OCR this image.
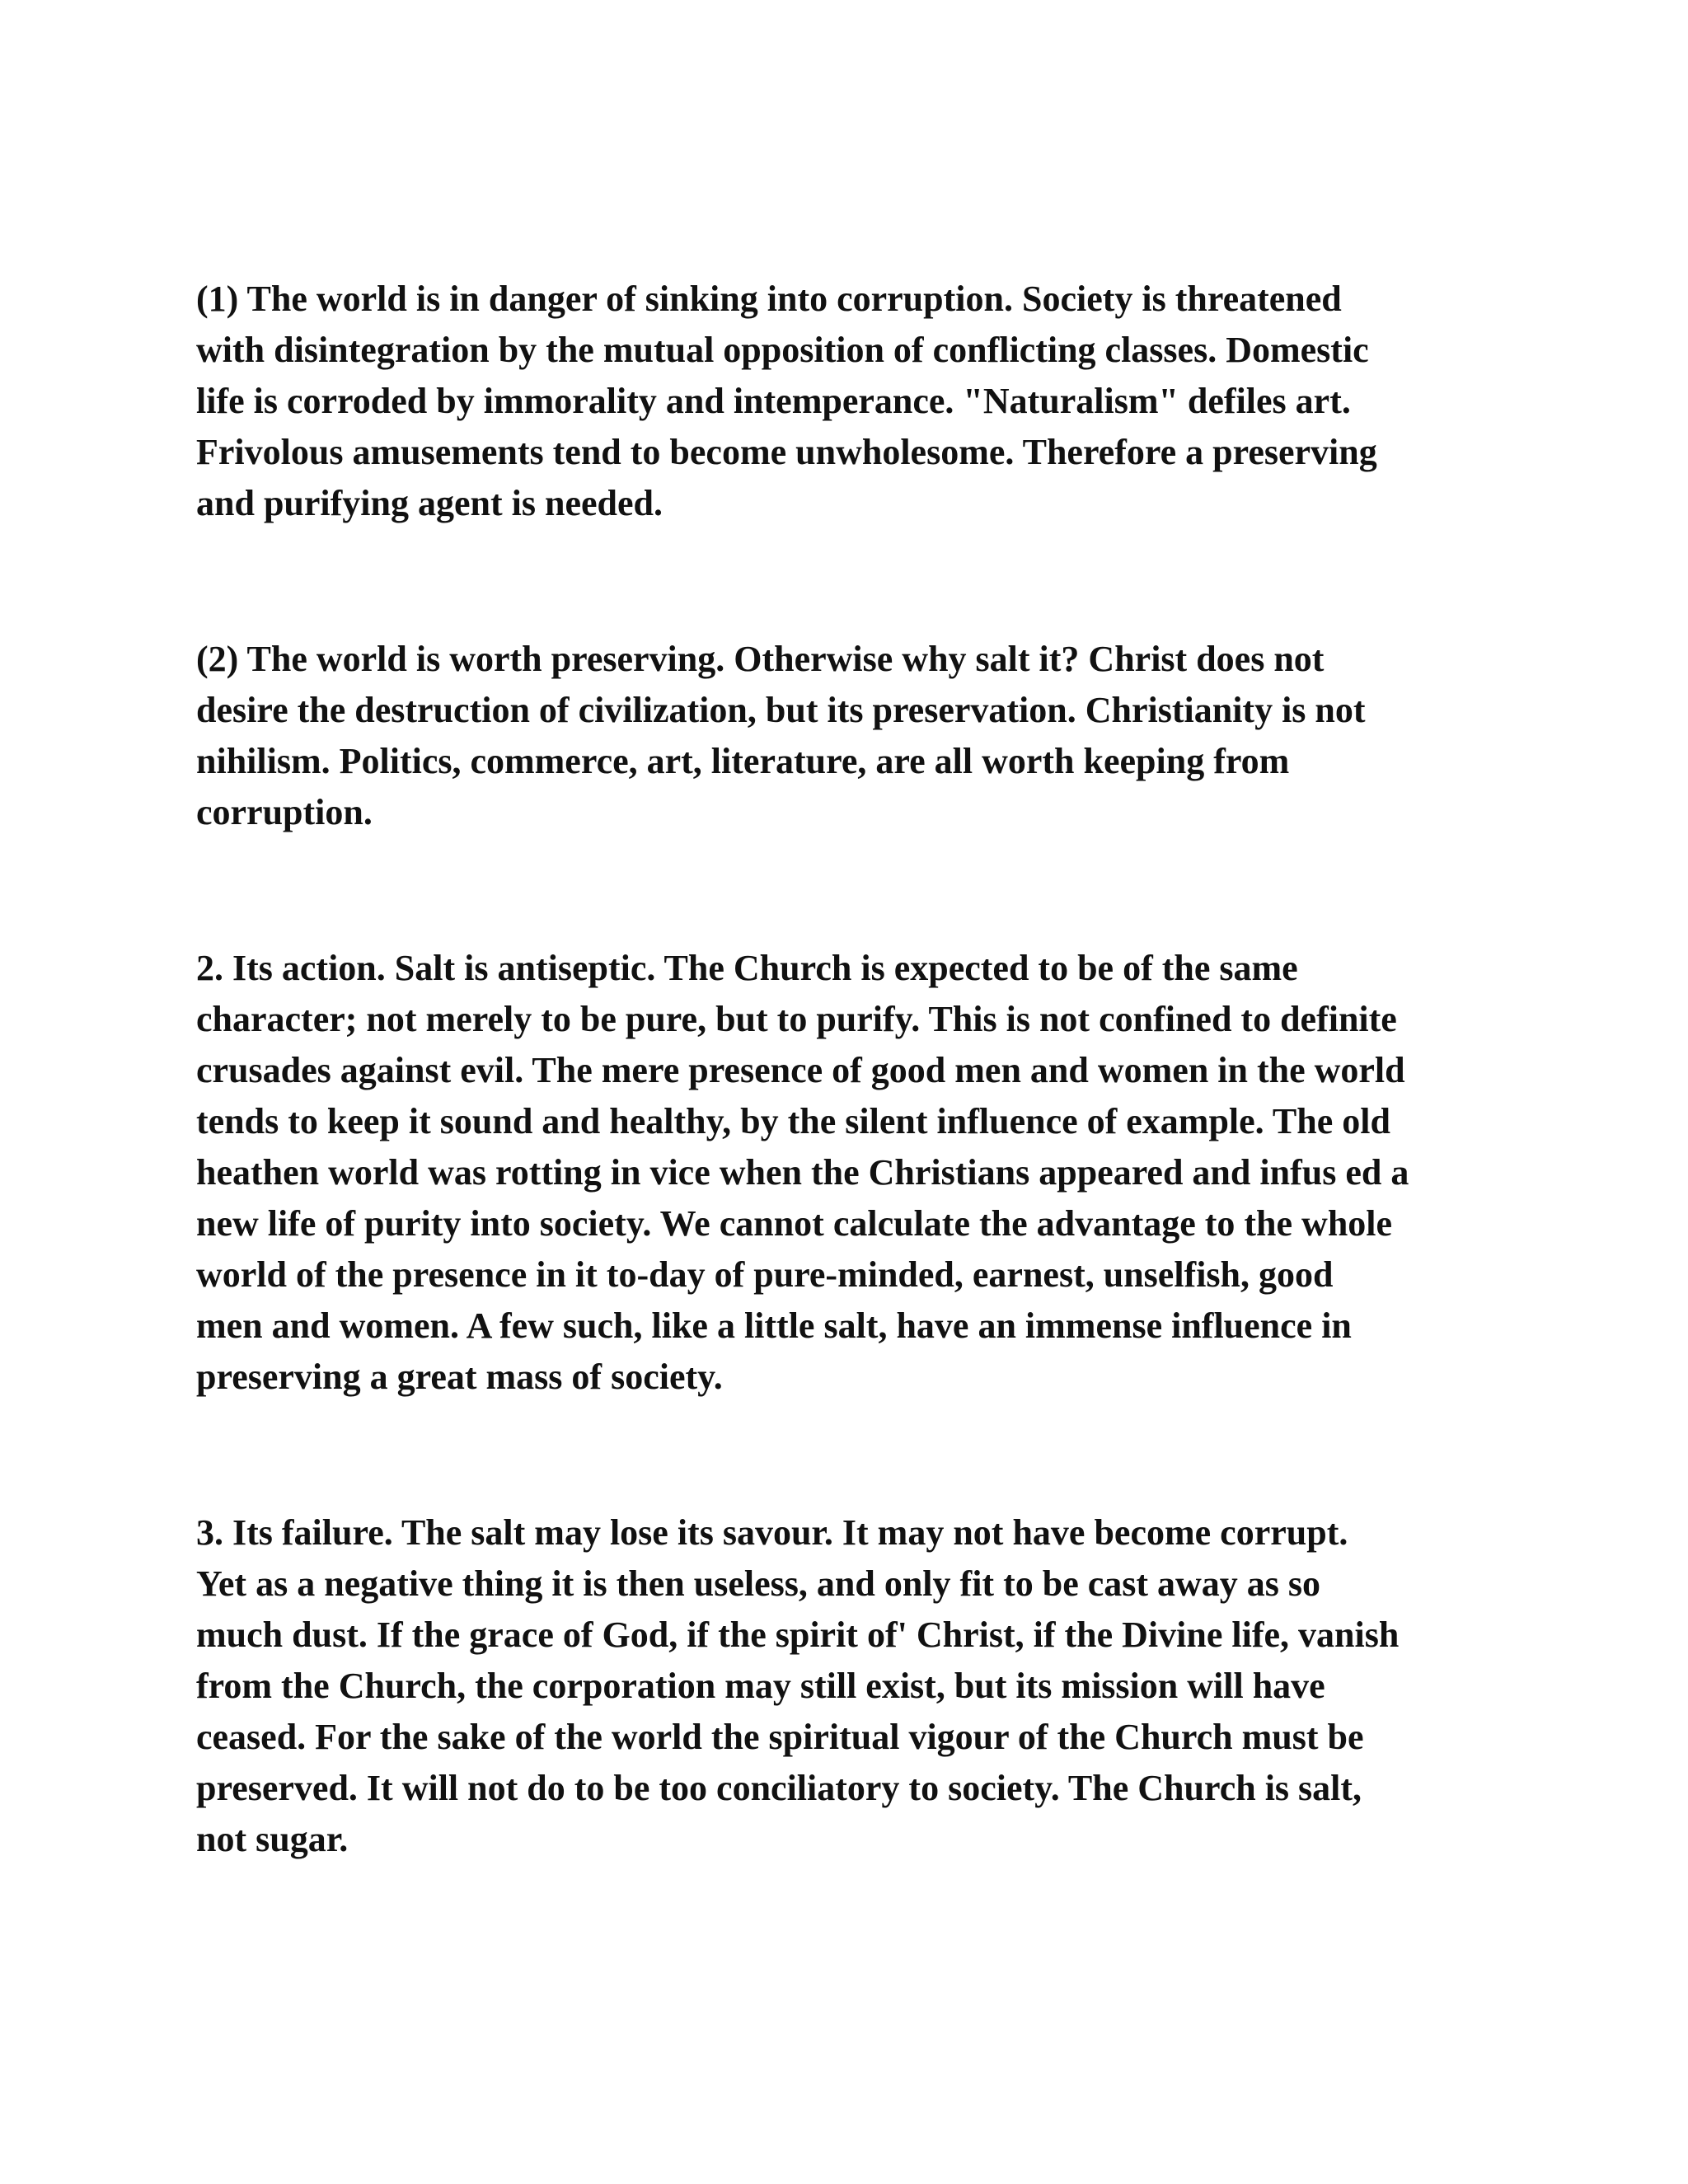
(1) The world is in danger of sinking into corruption. Society is threatened
with disintegration by the mutual opposition of conflicting classes. Domestic
life is corroded by immorality and intemperance. "Naturalism" defiles art.
Frivolous amusements tend to become unwholesome. Therefore a preserving
and purifying agent is needed.

(2) The world is worth preserving. Otherwise why salt it? Christ does not
desire the destruction of civilization, but its preservation. Christianity is not
nihilism. Politics, commerce, art, literature, are all worth keeping from
corruption.

2. Its action. Salt is antiseptic. The Church is expected to be of the same
character; not merely to be pure, but to purify. This is not confined to definite
crusades against evil. The mere presence of good men and women in the world
tends to keep it sound and healthy, by the silent influence of example. The old
heathen world was rotting in vice when the Christians appeared and infus ed a
new life of purity into society. We cannot calculate the advantage to the whole
world of the presence in it to-day of pure-minded, earnest, unselfish, good
men and women. A few such, like a little salt, have an immense influence in
preserving a great mass of society.

3. Its failure. The salt may lose its savour. It may not have become corrupt.
Yet as a negative thing it is then useless, and only fit to be cast away as so
much dust. If the grace of God, if the spirit of' Christ, if the Divine life, vanish
from the Church, the corporation may still exist, but its mission will have
ceased. For the sake of the world the spiritual vigour of the Church must be
preserved. It will not do to be too conciliatory to society. The Church is salt,
not sugar.
